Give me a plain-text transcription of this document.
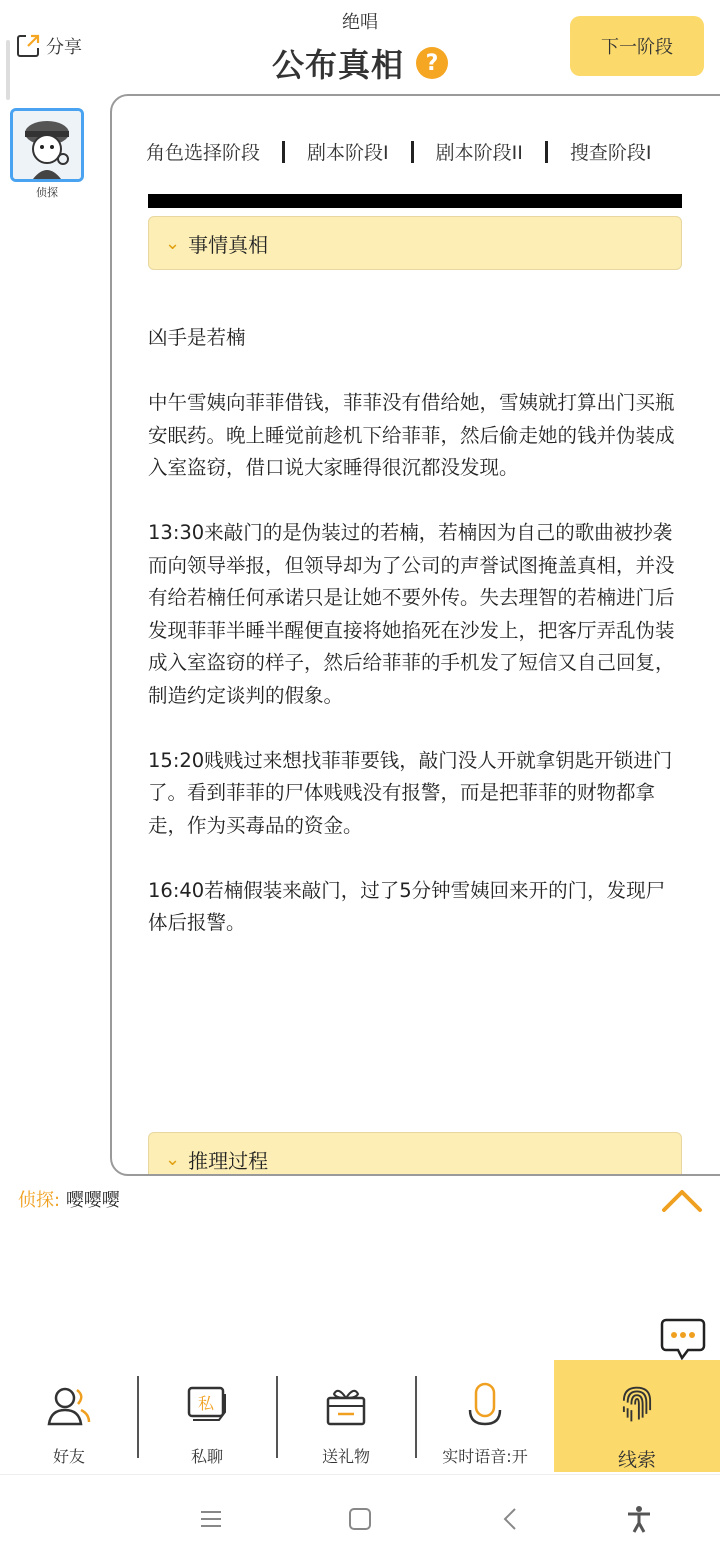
分享
绝唱
公布真相 ?
下一阶段
侦探
角色选择阶段 剧本阶段I 剧本阶段II 搜查阶段I
⌄ 事情真相

凶手是若楠

中午雪姨向菲菲借钱，菲菲没有借给她，雪姨就打算出门买瓶安眠药。晚上睡觉前趁机下给菲菲，然后偷走她的钱并伪装成入室盗窃，借口说大家睡得很沉都没发现。

13:30来敲门的是伪装过的若楠，若楠因为自己的歌曲被抄袭而向领导举报，但领导却为了公司的声誉试图掩盖真相，并没有给若楠任何承诺只是让她不要外传。失去理智的若楠进门后发现菲菲半睡半醒便直接将她掐死在沙发上，把客厅弄乱伪装成入室盗窃的样子，然后给菲菲的手机发了短信又自己回复，制造约定谈判的假象。

15:20贱贱过来想找菲菲要钱，敲门没人开就拿钥匙开锁进门了。看到菲菲的尸体贱贱没有报警，而是把菲菲的财物都拿走，作为买毒品的资金。

16:40若楠假装来敲门，过了5分钟雪姨回来开的门，发现尸体后报警。

⌄ 推理过程
侦探: 嘤嘤嘤
好友
私
私聊	送礼物	实时语音:开	线索
